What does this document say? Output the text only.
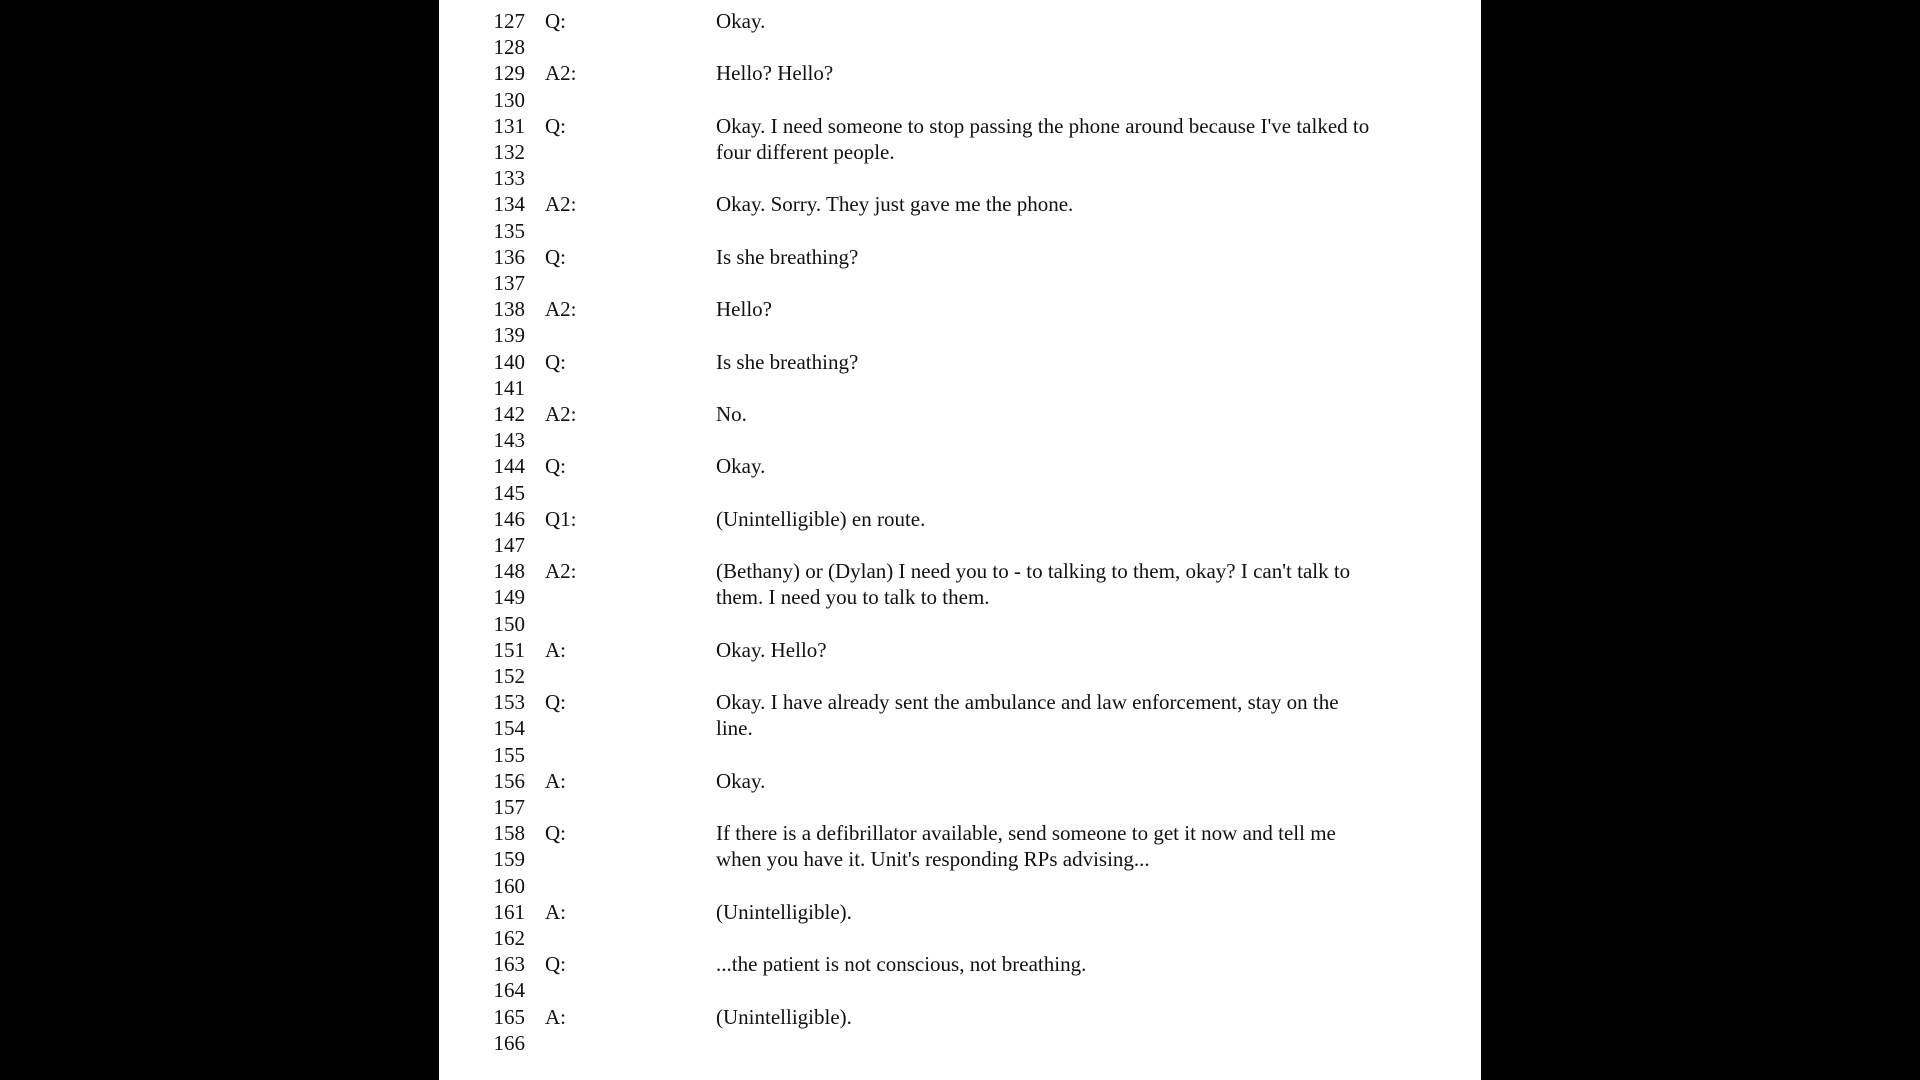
127 Q:	Okay.
128
129 A2:	Hello? Hello?
130
131 Q:	Okay. I need someone to stop passing the phone around because I've talked to
132	four different people.
133
134 A2:	Okay. Sorry. They just gave me the phone.
135
136 Q:	Is she breathing?
137
138 A2:	Hello?
139
140 Q:	Is she breathing?
141
142 A2:	No.
143
144 Q:	Okay.
145
146 Q1:	(Unintelligible) en route.
147
148 A2:	(Bethany) or (Dylan) I need you to - to talking to them, okay? I can't talk to
149	them. I need you to talk to them.
150
151 A:	Okay. Hello?
152
153 Q:	Okay. I have already sent the ambulance and law enforcement, stay on the
154	line.
155
156 A:	Okay.
157
158 Q:	If there is a defibrillator available, send someone to get it now and tell me
159	when you have it. Unit's responding RPs advising...
160
161 A:	(Unintelligible).
162
163 Q:	...the patient is not conscious, not breathing.
164
165 A:	(Unintelligible).
166
